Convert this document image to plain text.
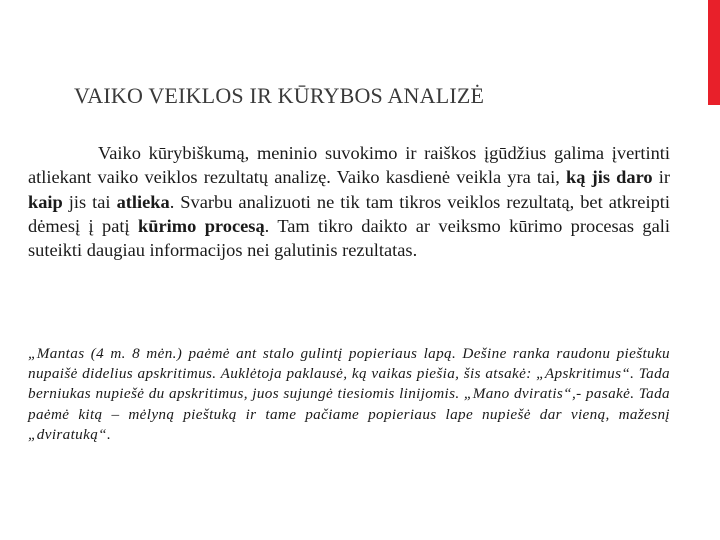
VAIKO VEIKLOS IR KŪRYBOS ANALIZĖ

Vaiko kūrybiškumą, meninio suvokimo ir raiškos įgūdžius galima įvertinti atliekant vaiko veiklos rezultatų analizę. Vaiko kasdienė veikla yra tai, ką jis daro ir kaip jis tai atlieka. Svarbu analizuoti ne tik tam tikros veiklos rezultatą, bet atkreipti dėmesį į patį kūrimo procesą. Tam tikro daikto ar veiksmo kūrimo procesas gali suteikti daugiau informacijos nei galutinis rezultatas.

„Mantas (4 m. 8 mėn.) paėmė ant stalo gulintį popieriaus lapą. Dešine ranka raudonu pieštuku nupaišė didelius apskritimus. Auklėtoja paklausė, ką vaikas piešia, šis atsakė: „Apskritimus“. Tada berniukas nupiešė du apskritimus, juos sujungė tiesiomis linijomis. „Mano dviratis“,- pasakė. Tada paėmė kitą – mėlyną pieštuką ir tame pačiame popieriaus lape nupiešė dar vieną, mažesnį „dviratuką“.
